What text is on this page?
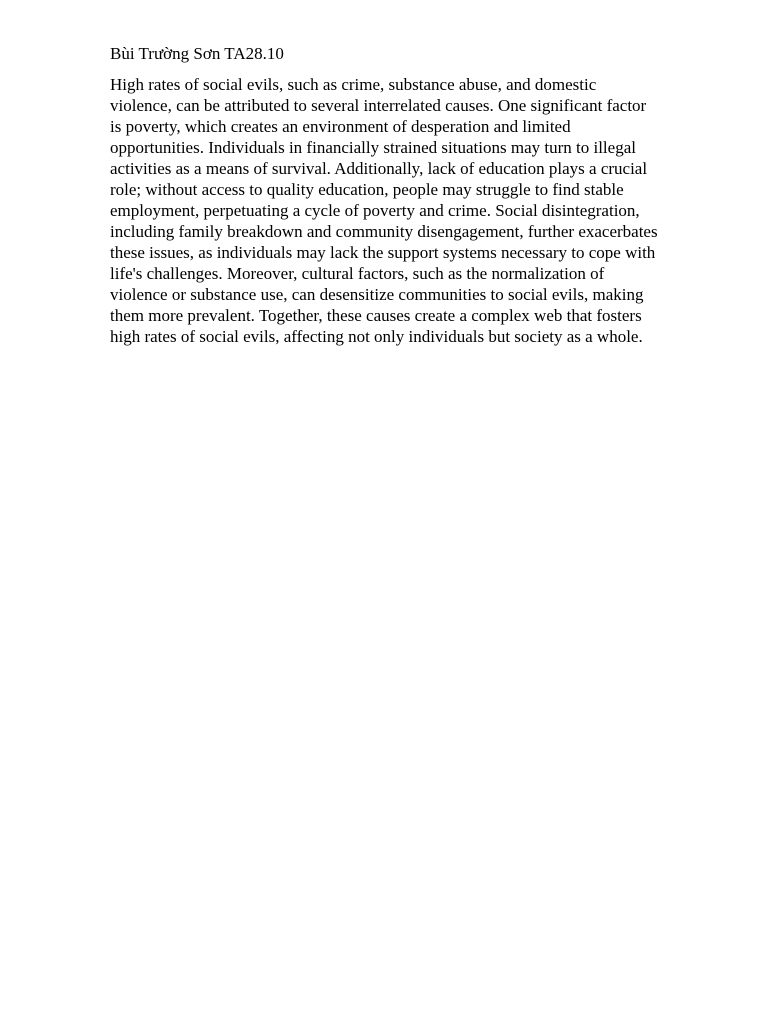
Bùi Trường Sơn TA28.10
High rates of social evils, such as crime, substance abuse, and domestic
violence, can be attributed to several interrelated causes. One significant factor
is poverty, which creates an environment of desperation and limited
opportunities. Individuals in financially strained situations may turn to illegal
activities as a means of survival. Additionally, lack of education plays a crucial
role; without access to quality education, people may struggle to find stable
employment, perpetuating a cycle of poverty and crime. Social disintegration,
including family breakdown and community disengagement, further exacerbates
these issues, as individuals may lack the support systems necessary to cope with
life's challenges. Moreover, cultural factors, such as the normalization of
violence or substance use, can desensitize communities to social evils, making
them more prevalent. Together, these causes create a complex web that fosters
high rates of social evils, affecting not only individuals but society as a whole.
